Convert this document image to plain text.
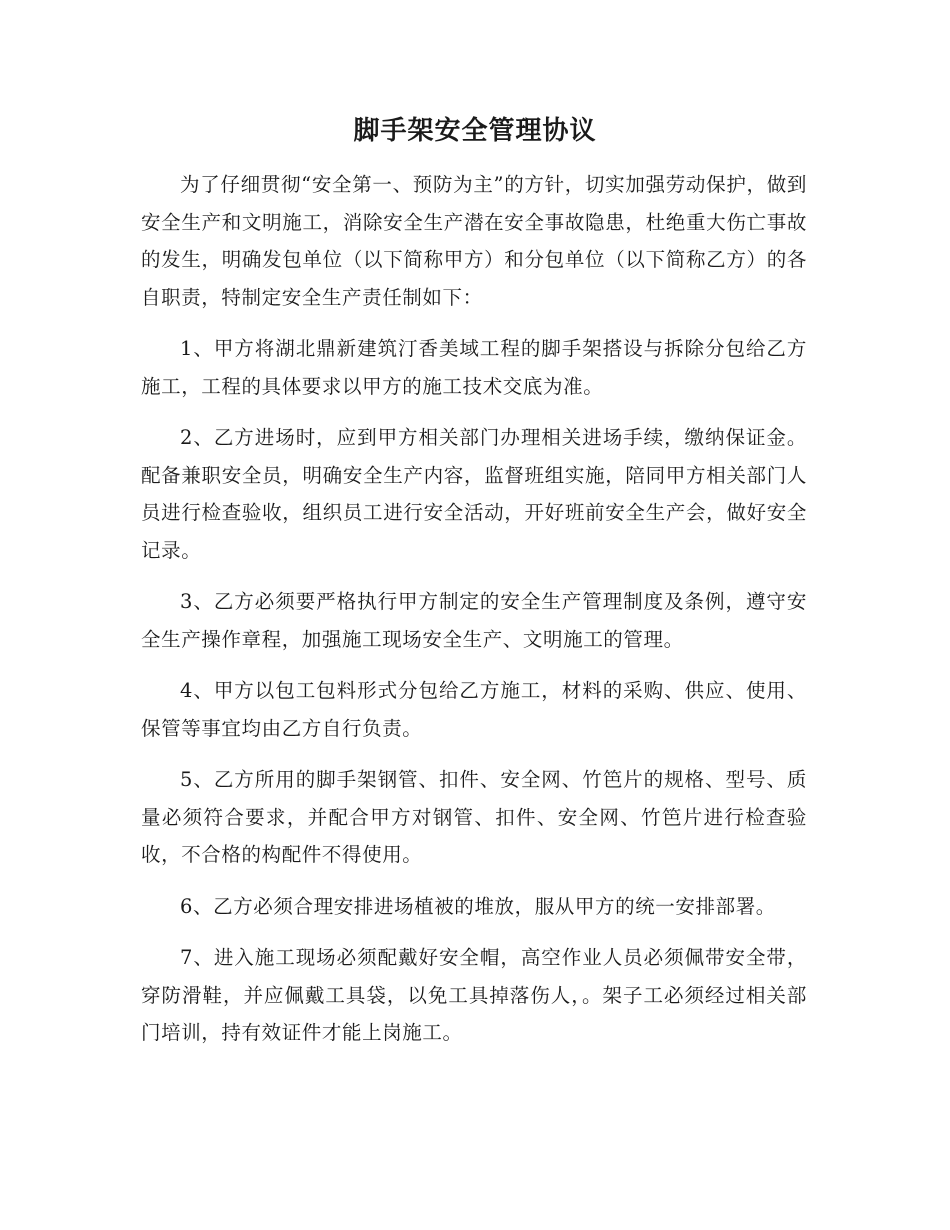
脚手架安全管理协议

为了仔细贯彻“安全第一、预防为主”的方针，切实加强劳动保护，做到安全生产和文明施工，消除安全生产潜在安全事故隐患，杜绝重大伤亡事故的发生，明确发包单位（以下简称甲方）和分包单位（以下简称乙方）的各自职责，特制定安全生产责任制如下：

1、甲方将湖北鼎新建筑汀香美域工程的脚手架搭设与拆除分包给乙方施工，工程的具体要求以甲方的施工技术交底为准。

2、乙方进场时，应到甲方相关部门办理相关进场手续，缴纳保证金。配备兼职安全员，明确安全生产内容，监督班组实施，陪同甲方相关部门人员进行检查验收，组织员工进行安全活动，开好班前安全生产会，做好安全记录。

3、乙方必须要严格执行甲方制定的安全生产管理制度及条例，遵守安全生产操作章程，加强施工现场安全生产、文明施工的管理。

4、甲方以包工包料形式分包给乙方施工，材料的采购、供应、使用、保管等事宜均由乙方自行负责。

5、乙方所用的脚手架钢管、扣件、安全网、竹笆片的规格、型号、质量必须符合要求，并配合甲方对钢管、扣件、安全网、竹笆片进行检查验收，不合格的构配件不得使用。

6、乙方必须合理安排进场植被的堆放，服从甲方的统一安排部署。

7、进入施工现场必须配戴好安全帽，高空作业人员必须佩带安全带，穿防滑鞋，并应佩戴工具袋，以免工具掉落伤人，。架子工必须经过相关部门培训，持有效证件才能上岗施工。
